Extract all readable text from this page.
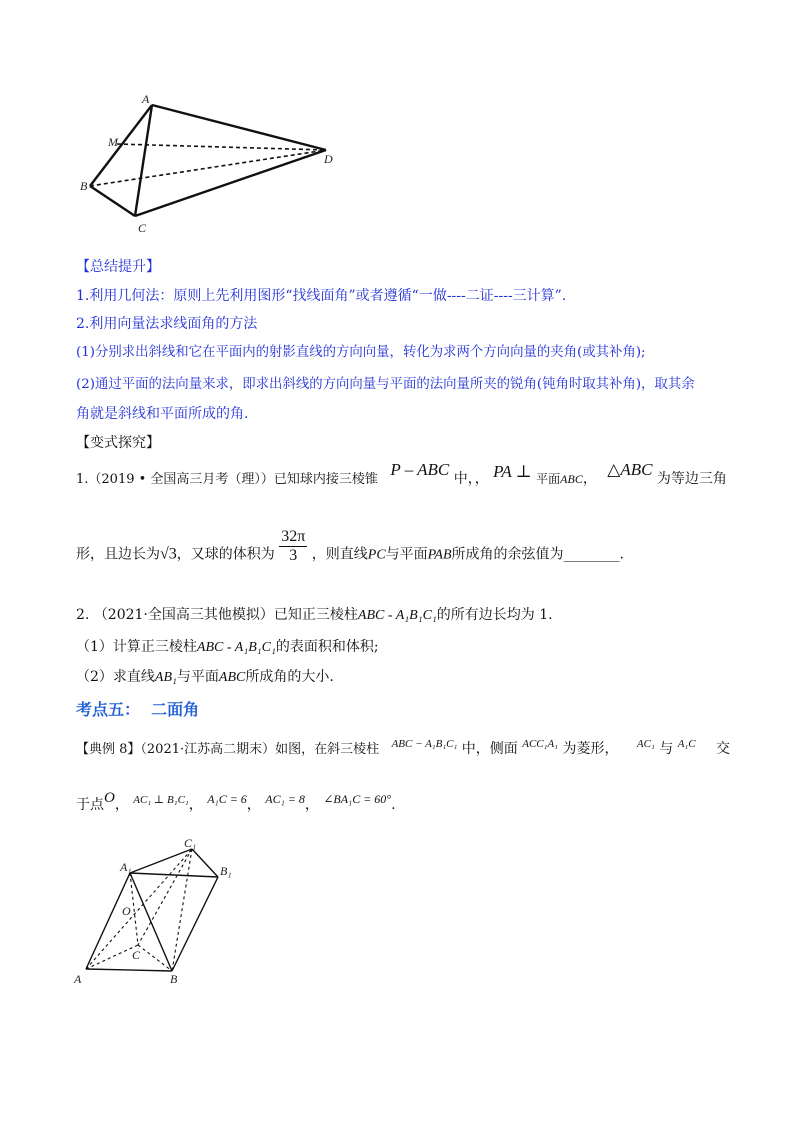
A
M
B
C
D
【总结提升】
1.利用几何法：原则上先利用图形“找线面角”或者遵循“一做----二证----三计算”.
2.利用向量法求线面角的方法
(1)分别求出斜线和它在平面内的射影直线的方向向量，转化为求两个方向向量的夹角(或其补角);
(2)通过平面的法向量来求，即求出斜线的方向向量与平面的法向量所夹的锐角(钝角时取其补角)，取其余
角就是斜线和平面所成的角.
【变式探究】
1.（2019 • 全国高三月考（理））已知球内接三棱锥 P – ABC 中，， PA ⊥ 平面ABC， △ABC 为等边三角
形，且边长为√3，又球的体积为 $\frac{32\pi}{3}$ ，则直线PC与平面PAB所成角的余弦值为________.
2. （2021·全国高三其他模拟）已知正三棱柱ABC - A₁B₁C₁的所有边长均为 1.
（1）计算正三棱柱ABC - A₁B₁C₁的表面积和体积;
（2）求直线AB₁与平面ABC所成角的大小.
考点五：  二面角
【典例 8】（2021·江苏高二期末）如图，在斜三棱柱 $^{ABC - A_1B_1C_1}$ 中，侧面 $^{ACC_1A_1}$ 为菱形， $^{AC_1}$ 与 $^{A_1C}$ 交
于点O， $^{AC_1 \perp B_1C_1}$， A₁C = 6， AC₁ = 8， ∠BA₁C = 60°.
C₁
A₁	B₁
O
C
A	B
